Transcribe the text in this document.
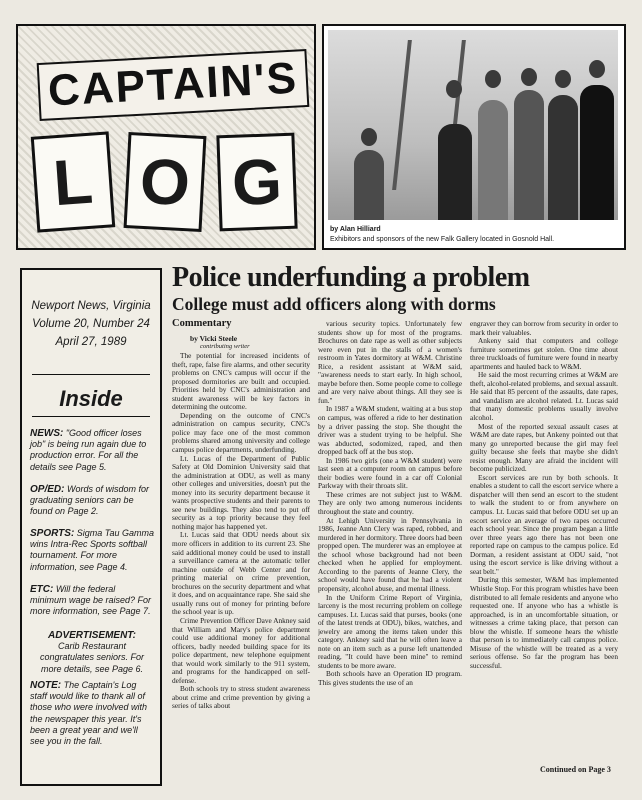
CAPTAIN'S
L O G
by Alan Hilliard
Exhibitors and sponsors of the new Falk Gallery located in Gosnold Hall.
Newport News, Virginia
Volume 20, Number 24
April 27, 1989
Inside
NEWS: "Good officer loses job" is being run again due to production error. For all the details see Page 5.
OP/ED: Words of wisdom for graduating seniors can be found on Page 2.
SPORTS: Sigma Tau Gamma wins Intra-Rec Sports softball tournament. For more information, see Page 4.
ETC: Will the federal minimum wage be raised? For more information, see Page 7.
ADVERTISEMENT:
Carib Restaurant congratulates seniors. For more details, see Page 6.
NOTE: The Captain's Log staff would like to thank all of those who were involved with the newspaper this year. It's been a great year and we'll see you in the fall.
Police underfunding a problem
College must add officers along with dorms
Commentary
by Vicki Steele
contributing writer

The potential for increased incidents of theft, rape, false fire alarms, and other security problems on CNC's campus will occur if the proposed dormitories are built and occupied. Priorities held by CNC's administration and student awareness will be key factors in determining the outcome.

Depending on the outcome of CNC's administration on campus security, CNC's police may face one of the most common problems shared among university and college campus police departments, underfunding.

Lt. Lucas of the Department of Public Safety at Old Dominion University said that the administration at ODU, as well as many other colleges and universities, doesn't put the money into its security department because it wants prospective students and their parents to see new buildings. They also tend to put off security as a top priority because they feel nothing major has happened yet.

Lt. Lucas said that ODU needs about six more officers in addition to its current 23. She said additional money could be used to install a surveillance camera at the automatic teller machine outside of Webb Center and for printing material on crime prevention, brochures on the security department and what it does, and on acquaintance rape. She said she usually runs out of money for printing before the school year is up.

Crime Prevention Officer Dave Ankney said that William and Mary's police department could use additional money for additional officers, badly needed building space for its police department, new telephone equipment that would work similarly to the 911 system, and programs for the handicapped on self-defense.

Both schools try to stress student awareness about crime and crime prevention by giving a series of talks about

various security topics. Unfortunately few students show up for most of the programs. Brochures on date rape as well as other subjects were even put in the stalls of a women's restroom in Yates dormitory at W&M. Christine Rice, a resident assistant at W&M said, "awareness needs to start early. In high school, maybe before then. Some people come to college and are very naive about things. All they see is fun."

In 1987 a W&M student, waiting at a bus stop on campus, was offered a ride to her destination by a driver passing the stop. She thought the driver was a student trying to be helpful. She was abducted, sodomized, raped, and then dropped back off at the bus stop.

In 1986 two girls (one a W&M student) were last seen at a computer room on campus before their bodies were found in a car off Colonial Parkway with their throats slit.

These crimes are not subject just to W&M. They are only two among numerous incidents throughout the state and country.

At Lehigh University in Pennsylvania in 1986, Jeanne Ann Clery was raped, robbed, and murdered in her dormitory. Three doors had been propped open. The murderer was an employee at the school whose background had not been checked when he applied for employment. According to the parents of Jeanne Clery, the school would have found that he had a violent propensity, alcohol abuse, and mental illness.

In the Uniform Crime Report of Virginia, larceny is the most recurring problem on college campuses. Lt. Lucas said that purses, books (one of the latest trends at ODU), bikes, watches, and jewelry are among the items taken under this category. Ankney said that he will often leave a note on an item such as a purse left unattended reading, "It could have been mine" to remind students to be more aware.

Both schools have an Operation ID program. This gives students the use of an

engraver they can borrow from security in order to mark their valuables.

Ankeny said that computers and college furniture sometimes get stolen. One time about three truckloads of furniture were found in nearby apartments and hauled back to W&M.

He said the most recurring crimes at W&M are theft, alcohol-related problems, and sexual assault. He said that 85 percent of the assaults, date rapes, and vandalism are alcohol related. Lt. Lucas said that many domestic problems usually involve alcohol.

Most of the reported sexual assault cases at W&M are date rapes, but Ankeny pointed out that many go unreported because the girl may feel guilty because she feels that maybe she didn't resist enough. Many are afraid the incident will become publicized.

Escort services are run by both schools. It enables a student to call the escort service where a dispatcher will then send an escort to the student to walk the student to or from anywhere on campus. Lt. Lucas said that before ODU set up an escort service an average of two rapes occurred each school year. Since the program began a little over three years ago there has not been one reported rape on campus to the campus police. Ed Dorman, a resident assistant at ODU said, "not using the escort service is like driving without a seat belt."

During this semester, W&M has implemented Whistle Stop. For this program whistles have been distributed to all female residents and anyone who requested one. If anyone who has a whistle is approached, is in an uncomfortable situation, or witnesses a crime taking place, that person can blow the whistle. If someone hears the whistle that person is to immediately call campus police. Misuse of the whistle will be treated as a very serious offense. So far the program has been successful.

Continued on Page 3
